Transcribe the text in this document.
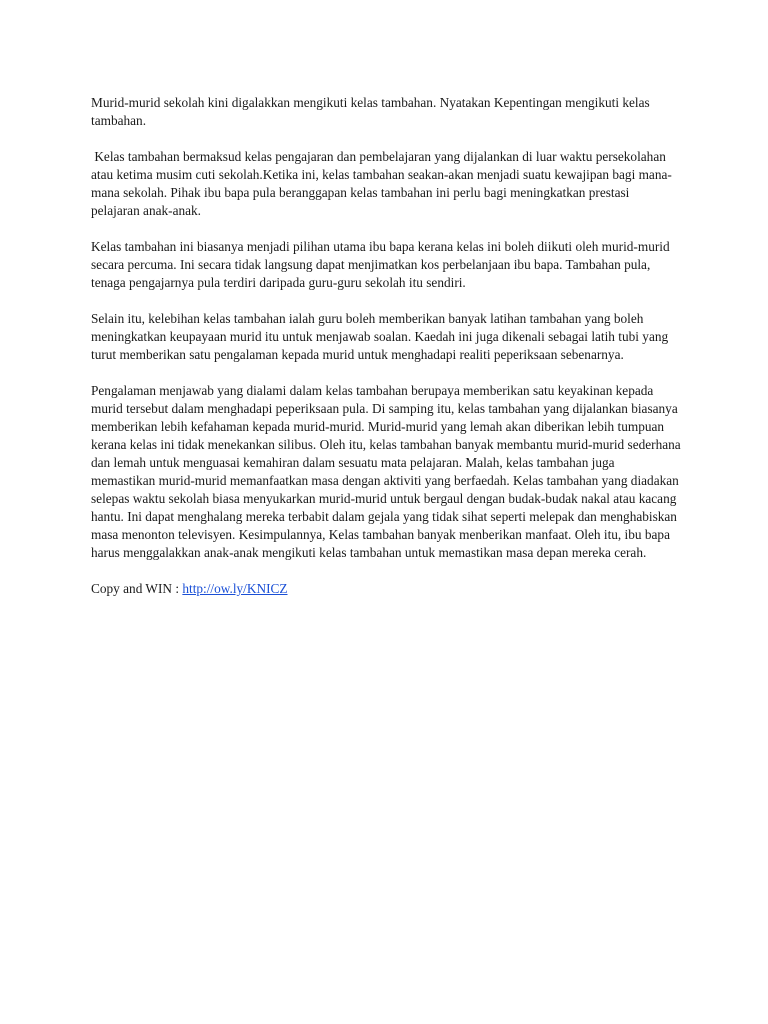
Murid-murid sekolah kini digalakkan mengikuti kelas tambahan. Nyatakan Kepentingan mengikuti kelas tambahan.

Kelas tambahan bermaksud kelas pengajaran dan pembelajaran yang dijalankan di luar waktu persekolahan atau ketima musim cuti sekolah.Ketika ini, kelas tambahan seakan-akan menjadi suatu kewajipan bagi mana-mana sekolah. Pihak ibu bapa pula beranggapan kelas tambahan ini perlu bagi meningkatkan prestasi pelajaran anak-anak.

Kelas tambahan ini biasanya menjadi pilihan utama ibu bapa kerana kelas ini boleh diikuti oleh murid-murid secara percuma. Ini secara tidak langsung dapat menjimatkan kos perbelanjaan ibu bapa. Tambahan pula, tenaga pengajarnya pula terdiri daripada guru-guru sekolah itu sendiri.

Selain itu, kelebihan kelas tambahan ialah guru boleh memberikan banyak latihan tambahan yang boleh meningkatkan keupayaan murid itu untuk menjawab soalan. Kaedah ini juga dikenali sebagai latih tubi yang turut memberikan satu pengalaman kepada murid untuk menghadapi realiti peperiksaan sebenarnya.

Pengalaman menjawab yang dialami dalam kelas tambahan berupaya memberikan satu keyakinan kepada murid tersebut dalam menghadapi peperiksaan pula. Di samping itu, kelas tambahan yang dijalankan biasanya memberikan lebih kefahaman kepada murid-murid. Murid-murid yang lemah akan diberikan lebih tumpuan kerana kelas ini tidak menekankan silibus. Oleh itu, kelas tambahan banyak membantu murid-murid sederhana dan lemah untuk menguasai kemahiran dalam sesuatu mata pelajaran. Malah, kelas tambahan juga memastikan murid-murid memanfaatkan masa dengan aktiviti yang berfaedah. Kelas tambahan yang diadakan selepas waktu sekolah biasa menyukarkan murid-murid untuk bergaul dengan budak-budak nakal atau kacang hantu. Ini dapat menghalang mereka terbabit dalam gejala yang tidak sihat seperti melepak dan menghabiskan masa menonton televisyen. Kesimpulannya, Kelas tambahan banyak menberikan manfaat. Oleh itu, ibu bapa harus menggalakkan anak-anak mengikuti kelas tambahan untuk memastikan masa depan mereka cerah.

Copy and WIN : http://ow.ly/KNICZ
